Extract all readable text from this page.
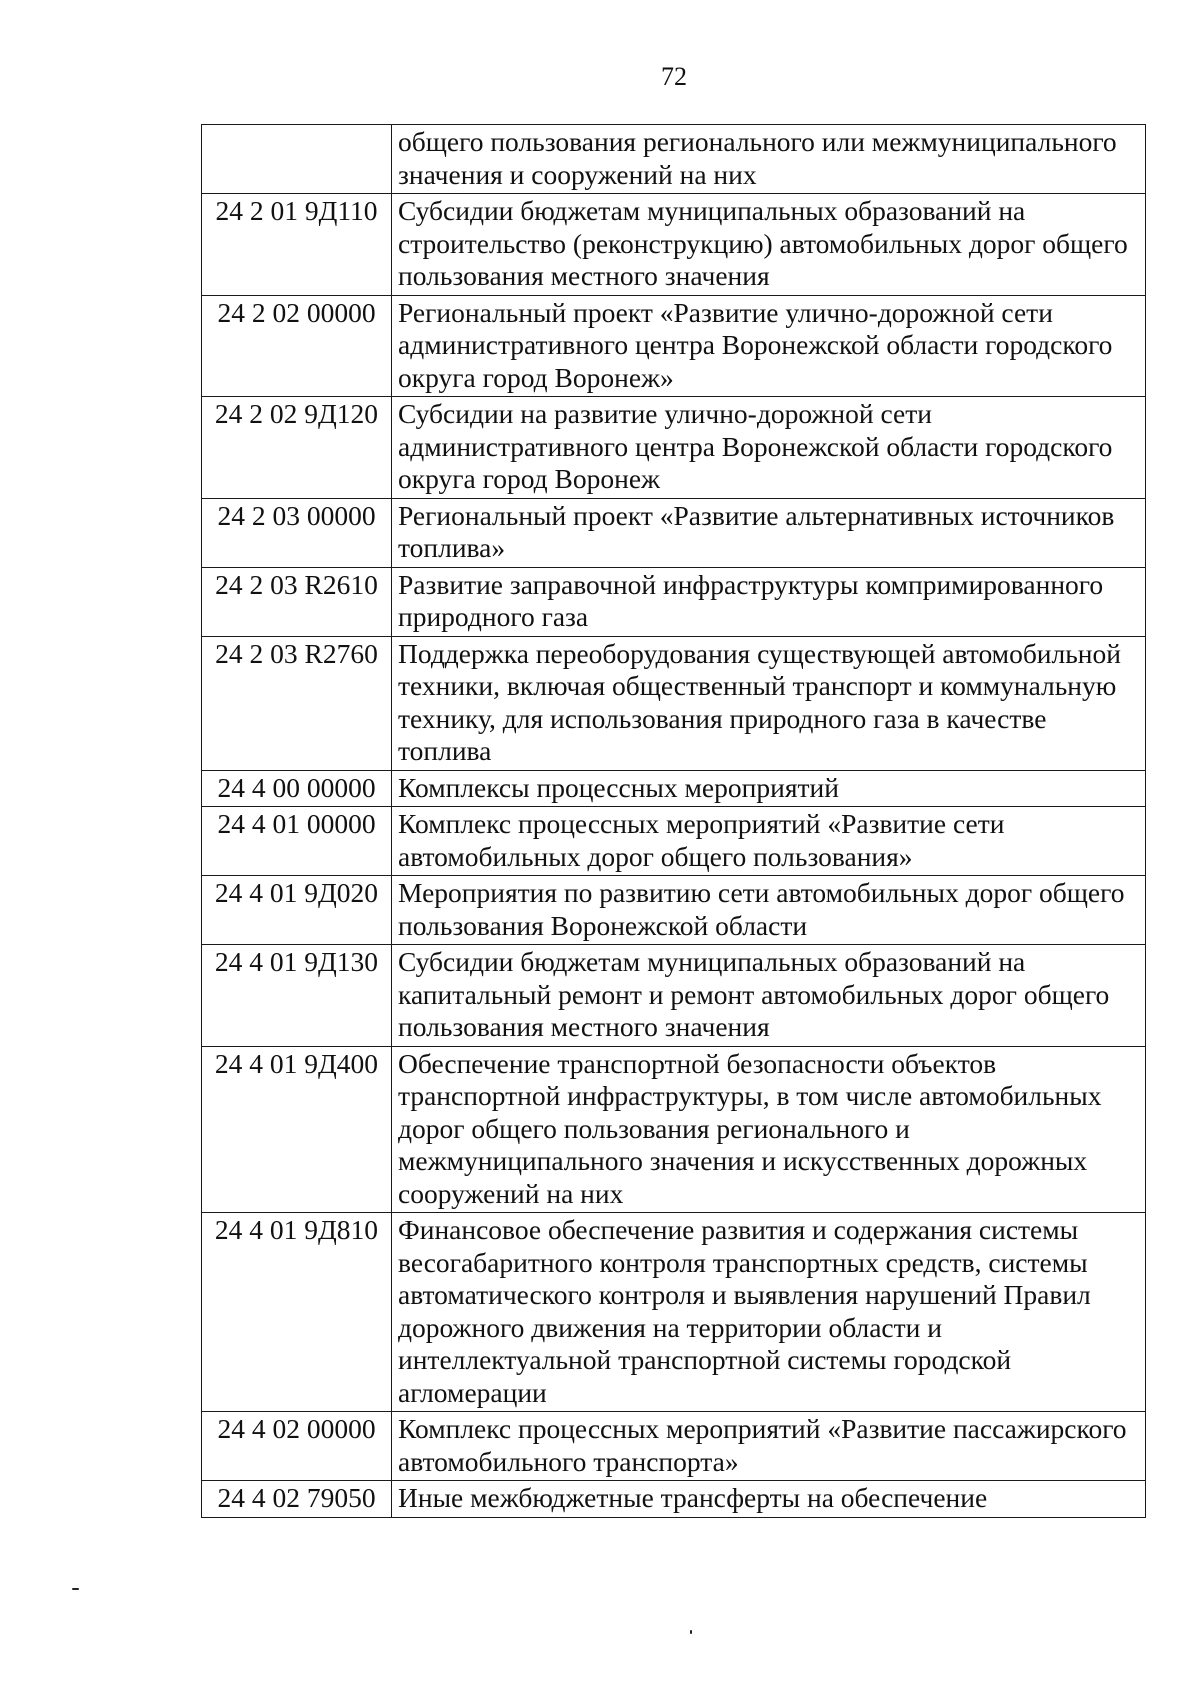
72
	общего пользования регионального или межмуниципального значения и сооружений на них
24 2 01 9Д110	Субсидии бюджетам муниципальных образований на строительство (реконструкцию) автомобильных дорог общего пользования местного значения
24 2 02 00000	Региональный проект «Развитие улично-дорожной сети административного центра Воронежской области городского округа город Воронеж»
24 2 02 9Д120	Субсидии на развитие улично-дорожной сети административного центра Воронежской области городского округа город Воронеж
24 2 03 00000	Региональный проект «Развитие альтернативных источников топлива»
24 2 03 R2610	Развитие заправочной инфраструктуры компримированного природного газа
24 2 03 R2760	Поддержка переоборудования существующей автомобильной техники, включая общественный транспорт и коммунальную технику, для использования природного газа в качестве топлива
24 4 00 00000	Комплексы процессных мероприятий
24 4 01 00000	Комплекс процессных мероприятий «Развитие сети автомобильных дорог общего пользования»
24 4 01 9Д020	Мероприятия по развитию сети автомобильных дорог общего пользования Воронежской области
24 4 01 9Д130	Субсидии бюджетам муниципальных образований на капитальный ремонт и ремонт автомобильных дорог общего пользования местного значения
24 4 01 9Д400	Обеспечение транспортной безопасности объектов транспортной инфраструктуры, в том числе автомобильных дорог общего пользования регионального и межмуниципального значения и искусственных дорожных сооружений на них
24 4 01 9Д810	Финансовое обеспечение развития и содержания системы весогабаритного контроля транспортных средств, системы автоматического контроля и выявления нарушений Правил дорожного движения на территории области и интеллектуальной транспортной системы городской агломерации
24 4 02 00000	Комплекс процессных мероприятий «Развитие пассажирского автомобильного транспорта»
24 4 02 79050	Иные межбюджетные трансферты на обеспечение
